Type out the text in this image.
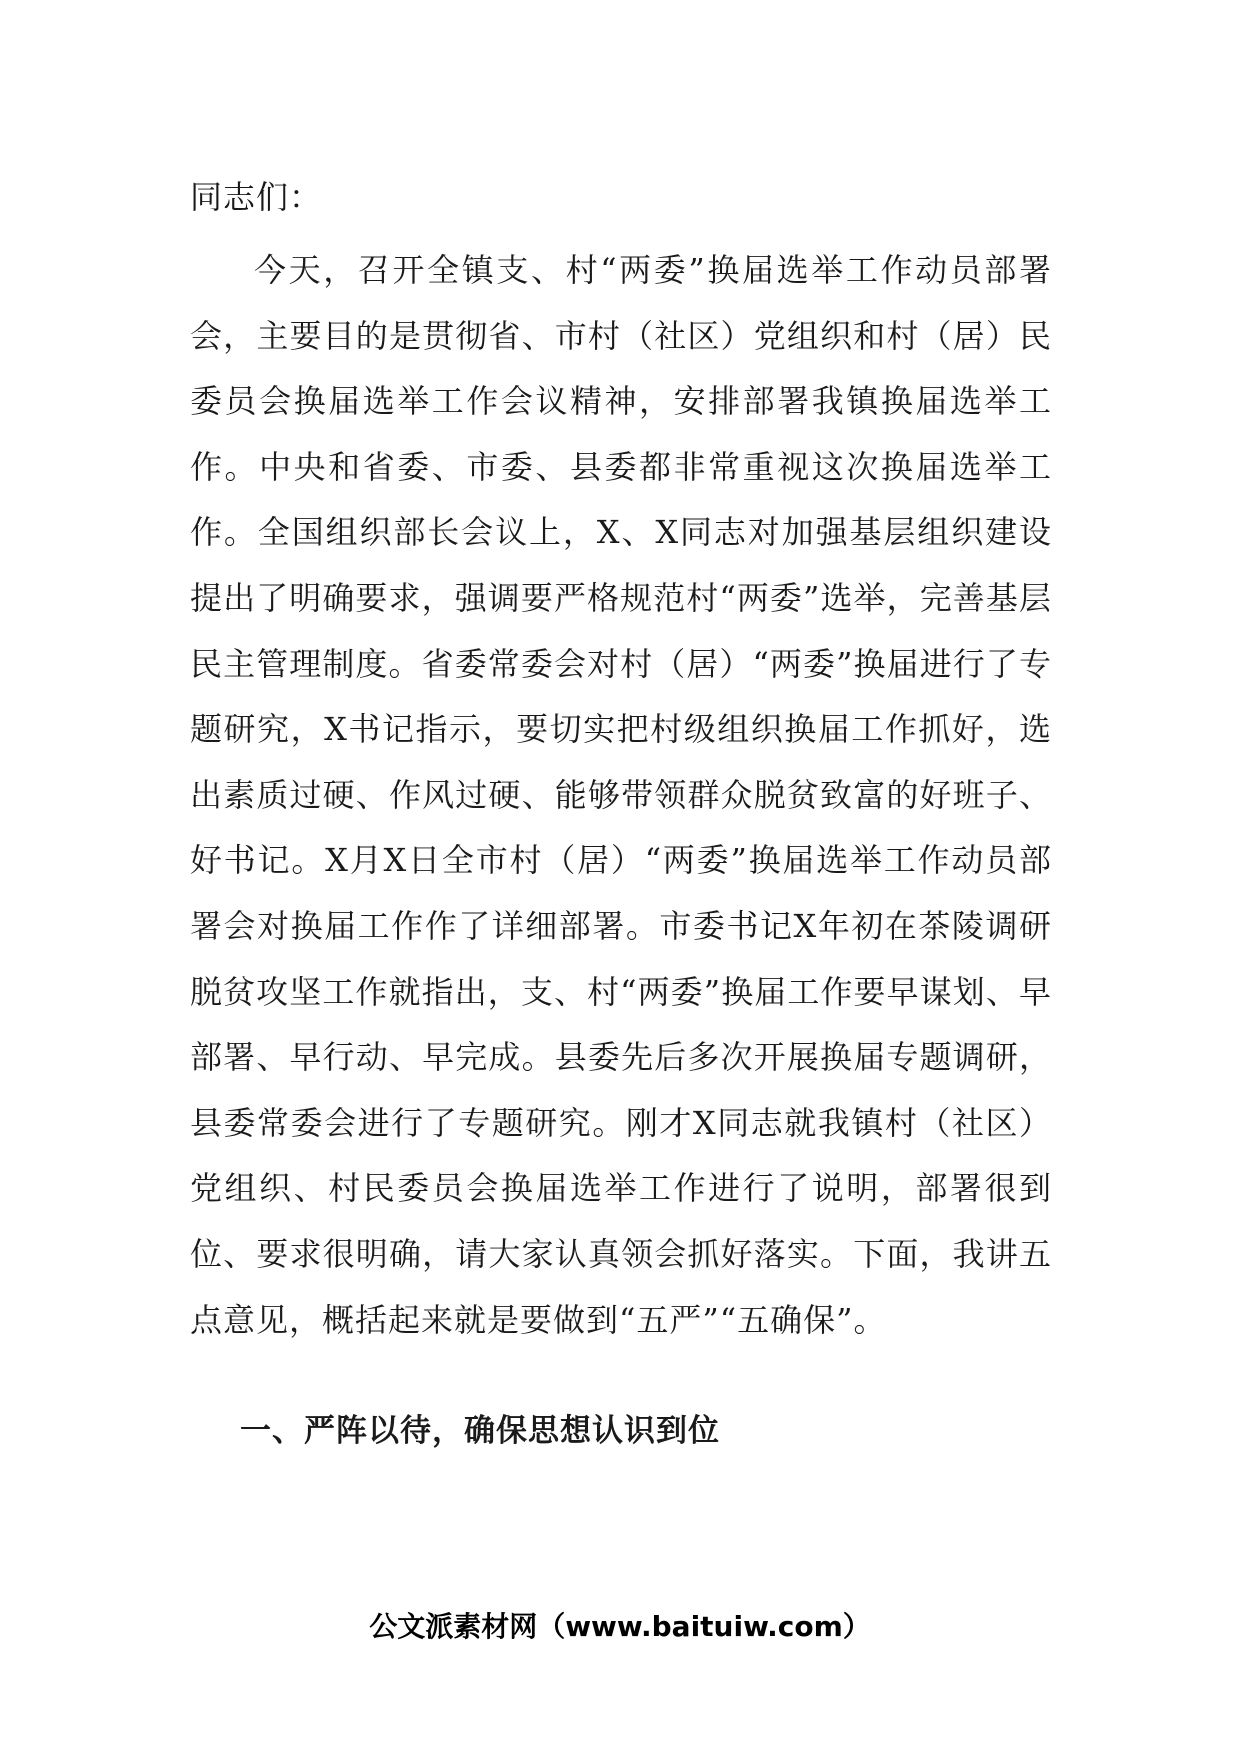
同志们：

今天，召开全镇支、村“两委”换届选举工作动员部署会，主要目的是贯彻省、市村（社区）党组织和村（居）民委员会换届选举工作会议精神，安排部署我镇换届选举工作。中央和省委、市委、县委都非常重视这次换届选举工作。全国组织部长会议上，X、X同志对加强基层组织建设提出了明确要求，强调要严格规范村“两委”选举，完善基层民主管理制度。省委常委会对村（居）“两委”换届进行了专题研究，X书记指示，要切实把村级组织换届工作抓好，选出素质过硬、作风过硬、能够带领群众脱贫致富的好班子、好书记。X月X日全市村（居）“两委”换届选举工作动员部署会对换届工作作了详细部署。市委书记X年初在茶陵调研脱贫攻坚工作就指出，支、村“两委”换届工作要早谋划、早部署、早行动、早完成。县委先后多次开展换届专题调研，县委常委会进行了专题研究。刚才X同志就我镇村（社区）党组织、村民委员会换届选举工作进行了说明，部署很到位、要求很明确，请大家认真领会抓好落实。下面，我讲五点意见，概括起来就是要做到“五严”“五确保”。

一、严阵以待，确保思想认识到位
公文派素材网（www.baituiw.com）
